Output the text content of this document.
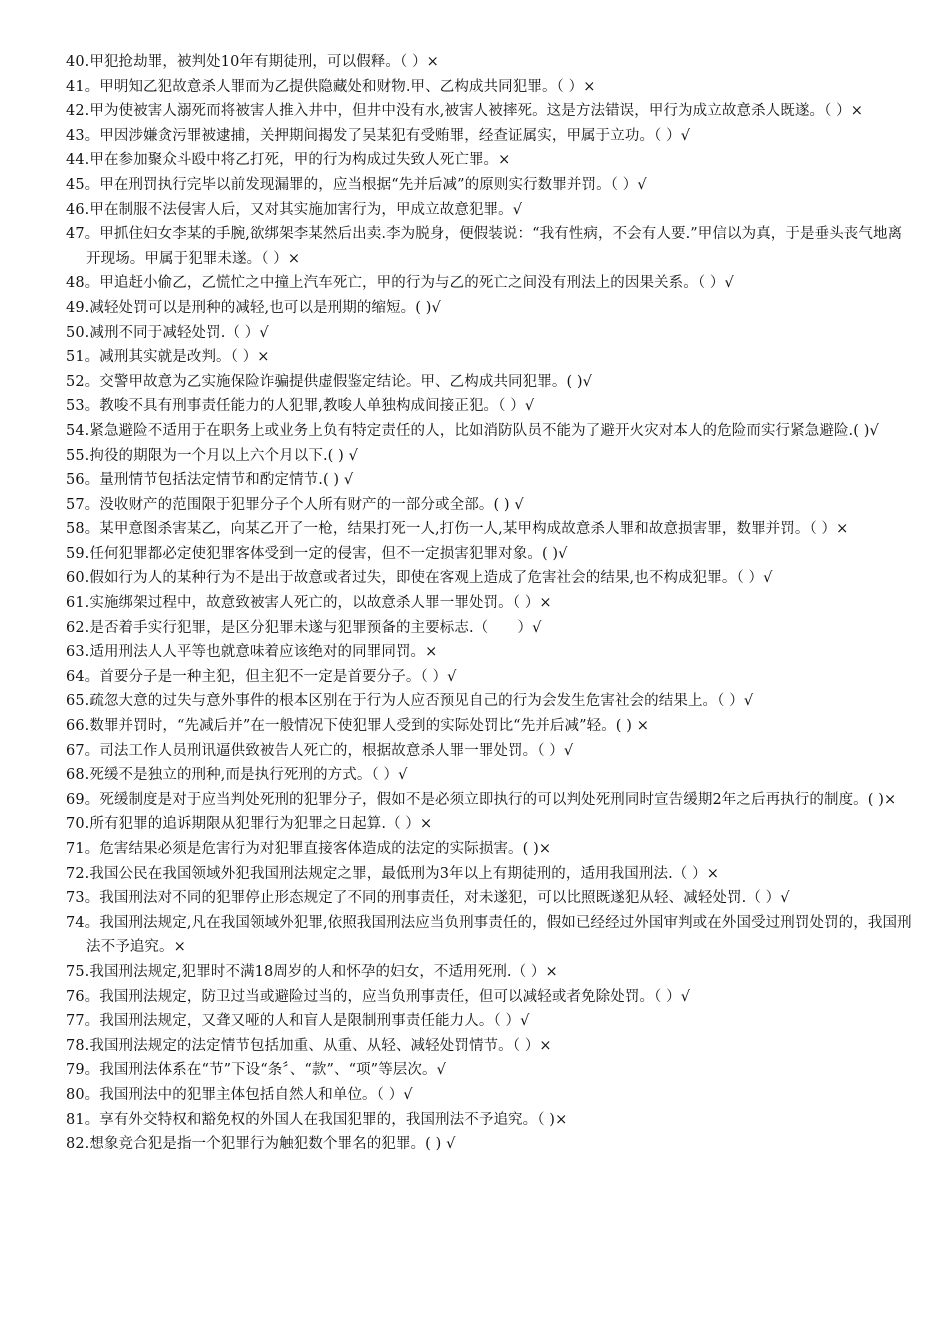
40.甲犯抢劫罪，被判处10年有期徒刑，可以假释。（ ）×

41。甲明知乙犯故意杀人罪而为乙提供隐藏处和财物.甲、乙构成共同犯罪。（ ）×

42.甲为使被害人溺死而将被害人推入井中，但井中没有水,被害人被摔死。这是方法错误，甲行为成立故意杀人既遂。（ ）×

43。甲因涉嫌贪污罪被逮捕，关押期间揭发了吴某犯有受贿罪，经查证属实，甲属于立功。（ ）√

44.甲在参加聚众斗殴中将乙打死，甲的行为构成过失致人死亡罪。×

45。甲在刑罚执行完毕以前发现漏罪的，应当根据“先并后减”的原则实行数罪并罚。（ ）√

46.甲在制服不法侵害人后，又对其实施加害行为，甲成立故意犯罪。√

47。甲抓住妇女李某的手腕,欲绑架李某然后出卖.李为脱身，便假装说：“我有性病，不会有人要.”甲信以为真，于是垂头丧气地离开现场。甲属于犯罪未遂。（ ）×

48。甲追赶小偷乙，乙慌忙之中撞上汽车死亡，甲的行为与乙的死亡之间没有刑法上的因果关系。（ ）√

49.减轻处罚可以是刑种的减轻,也可以是刑期的缩短。( )√

50.减刑不同于减轻处罚.（ ）√

51。减刑其实就是改判。（ ）×

52。交警甲故意为乙实施保险诈骗提供虚假鉴定结论。甲、乙构成共同犯罪。( )√

53。教唆不具有刑事责任能力的人犯罪,教唆人单独构成间接正犯。（ ）√

54.紧急避险不适用于在职务上或业务上负有特定责任的人，比如消防队员不能为了避开火灾对本人的危险而实行紧急避险.( )√

55.拘役的期限为一个月以上六个月以下.( ) √

56。量刑情节包括法定情节和酌定情节.( ) √

57。没收财产的范围限于犯罪分子个人所有财产的一部分或全部。( ) √

58。某甲意图杀害某乙，向某乙开了一枪，结果打死一人,打伤一人,某甲构成故意杀人罪和故意损害罪，数罪并罚。（ ）×

59.任何犯罪都必定使犯罪客体受到一定的侵害，但不一定损害犯罪对象。( )√

60.假如行为人的某种行为不是出于故意或者过失，即使在客观上造成了危害社会的结果,也不构成犯罪。（ ）√

61.实施绑架过程中，故意致被害人死亡的，以故意杀人罪一罪处罚。（ ）×

62.是否着手实行犯罪，是区分犯罪未遂与犯罪预备的主要标志.（　　）√

63.适用刑法人人平等也就意味着应该绝对的同罪同罚。×

64。首要分子是一种主犯，但主犯不一定是首要分子。（ ）√

65.疏忽大意的过失与意外事件的根本区别在于行为人应否预见自己的行为会发生危害社会的结果上。（ ）√

66.数罪并罚时，“先减后并”在一般情况下使犯罪人受到的实际处罚比“先并后减”轻。( ) ×

67。司法工作人员刑讯逼供致被告人死亡的，根据故意杀人罪一罪处罚。（ ）√

68.死缓不是独立的刑种,而是执行死刑的方式。（ ）√

69。死缓制度是对于应当判处死刑的犯罪分子，假如不是必须立即执行的可以判处死刑同时宣告缓期2年之后再执行的制度。( )×

70.所有犯罪的追诉期限从犯罪行为犯罪之日起算.（ ）×

71。危害结果必须是危害行为对犯罪直接客体造成的法定的实际损害。( )×

72.我国公民在我国领域外犯我国刑法规定之罪，最低刑为3年以上有期徒刑的，适用我国刑法.（ ）×

73。我国刑法对不同的犯罪停止形态规定了不同的刑事责任，对未遂犯，可以比照既遂犯从轻、减轻处罚.（ ）√

74。我国刑法规定,凡在我国领域外犯罪,依照我国刑法应当负刑事责任的，假如已经经过外国审判或在外国受过刑罚处罚的，我国刑法不予追究。×

75.我国刑法规定,犯罪时不满18周岁的人和怀孕的妇女，不适用死刑.（ ）×

76。我国刑法规定，防卫过当或避险过当的，应当负刑事责任，但可以减轻或者免除处罚。（ ）√

77。我国刑法规定，又聋又哑的人和盲人是限制刑事责任能力人。（ ）√

78.我国刑法规定的法定情节包括加重、从重、从轻、减轻处罚情节。（ ）×

79。我国刑法体系在“节”下设“条〞、“款”、“项”等层次。√

80。我国刑法中的犯罪主体包括自然人和单位。（ ）√

81。享有外交特权和豁免权的外国人在我国犯罪的，我国刑法不予追究。（ )×

82.想象竞合犯是指一个犯罪行为触犯数个罪名的犯罪。( ) √
